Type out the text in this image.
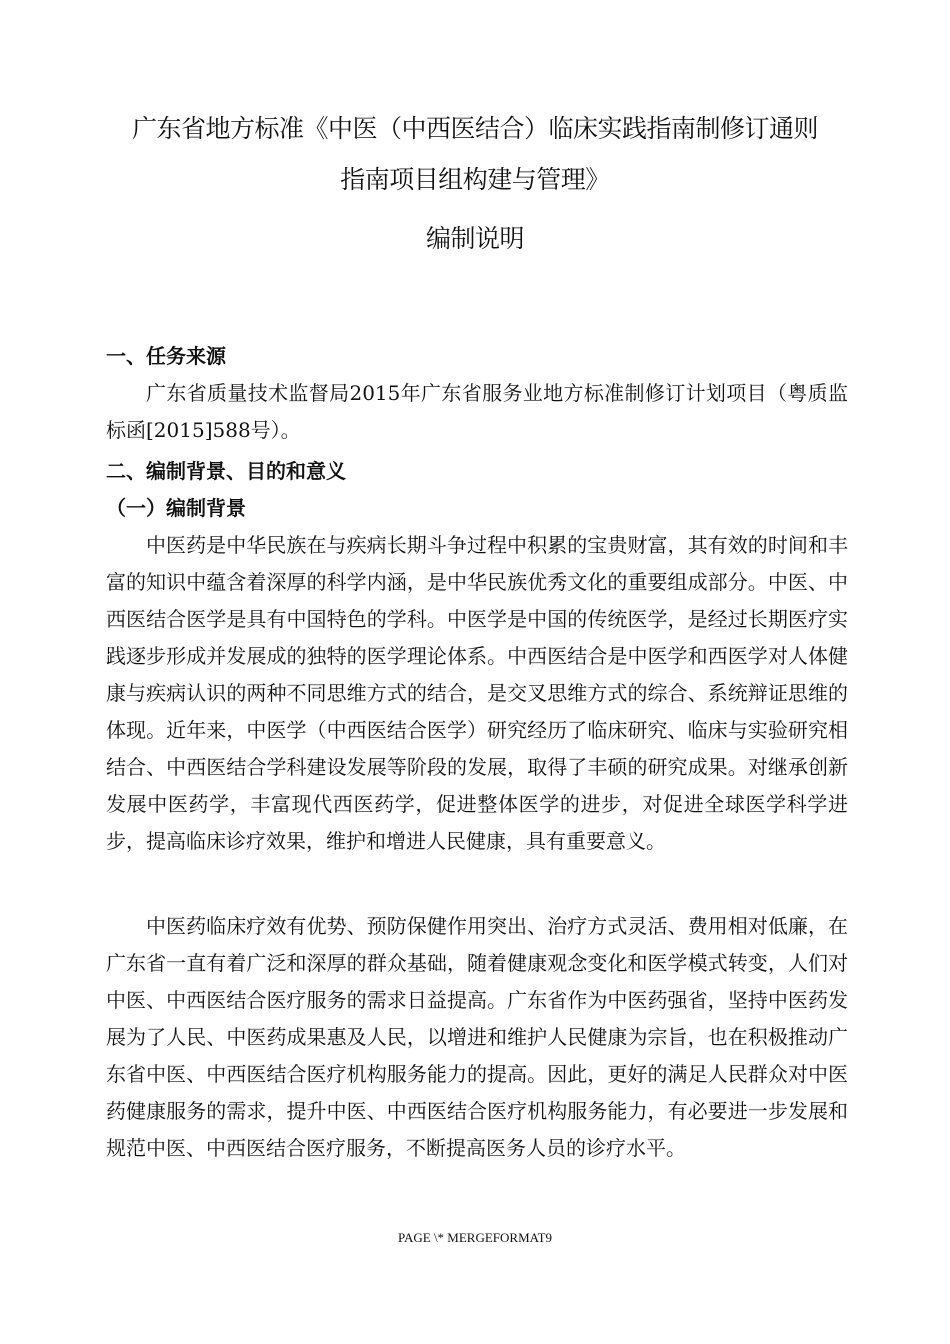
广东省地方标准《中医（中西医结合）临床实践指南制修订通则
指南项目组构建与管理》
编制说明
一、任务来源
广东省质量技术监督局2015年广东省服务业地方标准制修订计划项目（粤质监标函[2015]588号）。
二、编制背景、目的和意义
（一）编制背景
中医药是中华民族在与疾病长期斗争过程中积累的宝贵财富，其有效的时间和丰富的知识中蕴含着深厚的科学内涵，是中华民族优秀文化的重要组成部分。中医、中西医结合医学是具有中国特色的学科。中医学是中国的传统医学，是经过长期医疗实践逐步形成并发展成的独特的医学理论体系。中西医结合是中医学和西医学对人体健康与疾病认识的两种不同思维方式的结合，是交叉思维方式的综合、系统辩证思维的体现。近年来，中医学（中西医结合医学）研究经历了临床研究、临床与实验研究相结合、中西医结合学科建设发展等阶段的发展，取得了丰硕的研究成果。对继承创新发展中医药学，丰富现代西医药学，促进整体医学的进步，对促进全球医学科学进步，提高临床诊疗效果，维护和增进人民健康，具有重要意义。
中医药临床疗效有优势、预防保健作用突出、治疗方式灵活、费用相对低廉，在广东省一直有着广泛和深厚的群众基础，随着健康观念变化和医学模式转变，人们对中医、中西医结合医疗服务的需求日益提高。广东省作为中医药强省，坚持中医药发展为了人民、中医药成果惠及人民，以增进和维护人民健康为宗旨，也在积极推动广东省中医、中西医结合医疗机构服务能力的提高。因此，更好的满足人民群众对中医药健康服务的需求，提升中医、中西医结合医疗机构服务能力，有必要进一步发展和规范中医、中西医结合医疗服务，不断提高医务人员的诊疗水平。
PAGE \* MERGEFORMAT9
